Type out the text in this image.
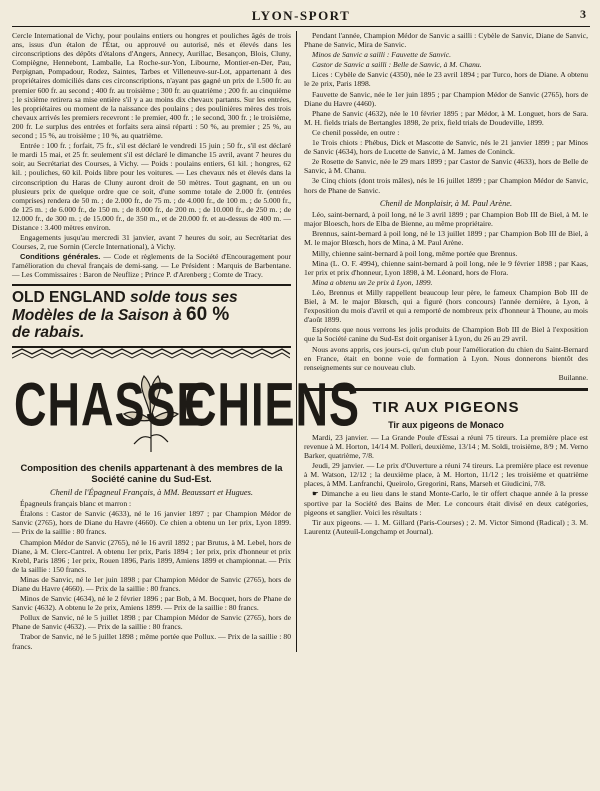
LYON-SPORT	3

Cercle International de Vichy, pour poulains entiers ou hongres et pouliches âgés de trois ans, issus d'un étalon de l'État, ou approuvé ou autorisé, nés et élevés dans les circonscriptions des dépôts d'étalons d'Angers, Annecy, Aurillac, Besançon, Blois, Cluny, Compiègne, Hennebont, Lamballe, La Roche-sur-Yon, Libourne, Montier-en-Der, Pau, Perpignan, Pompadour, Rodez, Saintes, Tarbes et Villeneuve-sur-Lot, appartenant à des propriétaires domiciliés dans ces circonscriptions, n'ayant pas gagné un prix de 1.500 fr. au premier 600 fr. au second ; 400 fr. au troisième ; 300 fr. au quatrième ; 200 fr. au cinquième ; le sixième retirera sa mise entière s'il y a au moins dix chevaux partants. Sur les entrées, les propriétaires ou moment de la naissance des poulains ; des poulinières mères des trois chevaux arrivés les premiers recevront : le premier, 400 fr. ; le second, 300 fr. ; le troisième, 200 fr. Le surplus des entrées et forfaits sera ainsi réparti : 50 %, au premier ; 25 %, au second ; 15 %, au troisième ; 10 %, au quatrième.

Entrée : 100 fr. ; forfait, 75 fr., s'il est déclaré le vendredi 15 juin ; 50 fr., s'il est déclaré le mardi 15 mai, et 25 fr. seulement s'il est déclaré le dimanche 15 avril, avant 7 heures du soir, au Secrétariat des Courses, à Vichy. — Poids : poulains entiers, 61 kil. ; hongres, 62 kil. ; pouliches, 60 kil. Poids libre pour les voitures. — Les chevaux nés et élevés dans la circonscription du Haras de Cluny auront droit de 50 mètres. Tout gagnant, en un ou plusieurs prix de quelque ordre que ce soit, d'une somme totale de 2.000 fr. (entrées comprises) rendera de 50 m. ; de 2.000 fr., de 75 m. ; de 4.000 fr., de 100 m. ; de 5.000 fr., de 125 m. ; de 6.000 fr., de 150 m. ; de 8.000 fr., de 200 m. ; de 10.000 fr., de 250 m. ; de 12.000 fr., de 300 m. ; de 15.000 fr., de 350 m., et de 20.000 fr. et au-dessus de 400 m. — Distance : 3.400 mètres environ.

Engagements jusqu'au mercredi 31 janvier, avant 7 heures du soir, au Secrétariat des Courses, 2, rue Sornin (Cercle International), à Vichy.

Conditions générales. — Code et règlements de la Société d'Encouragement pour l'amélioration du cheval français de demi-sang. — Le Président : Marquis de Barbentane. — Les Commissaires : Baron de Neuflize ; Prince P. d'Arenberg ; Comte de Tracy.

OLD ENGLAND solde tous ses
Modèles de la Saison à 60 %
de rabais.
CHASSE
CHIENS
Composition des chenils appartenant à des membres de la Société canine du Sud-Est.

Chenil de l'Épagneul Français, à MM. Beaussart et Hugues.

Épagneuls français blanc et marron :

Étalons : Castor de Sanvic (4633), né le 16 janvier 1897 ; par Champion Médor de Sanvic (2765), hors de Diane du Havre (4660). Ce chien a obtenu un 1er prix, Lyon 1899. — Prix de la saillie : 80 francs.

Champion Médor de Sanvic (2765), né le 16 avril 1892 ; par Brutus, à M. Lebel, hors de Diane, à M. Clerc-Cantrel. A obtenu 1er prix, Paris 1894 ; 1er prix, prix d'honneur et prix Krebl, Paris 1896 ; 1er prix, Rouen 1896, Paris 1899, Amiens 1899 et championnat. — Prix de la saillie : 150 francs.

Minas de Sanvic, né le 1er juin 1898 ; par Champion Médor de Sanvic (2765), hors de Diane du Havre (4660). — Prix de la saillie : 80 francs.

Minos de Sanvic (4634), né le 2 février 1896 ; par Bob, à M. Bocquet, hors de Phane de Sanvic (4632). A obtenu le 2e prix, Amiens 1899. — Prix de la saillie : 80 francs.

Pollux de Sanvic, né le 5 juillet 1898 ; par Champion Médor de Sanvic (2765), hors de Phane de Sanvic (4632). — Prix de la saillie : 80 francs.

Trabor de Sanvic, né le 5 juillet 1898 ; même portée que Pollux. — Prix de la saillie : 80 francs.

Pendant l'année, Champion Médor de Sanvic a sailli : Cybèle de Sanvic, Diane de Sanvic, Phane de Sanvic, Mira de Sanvic.

Minos de Sanvic a sailli : Fauvette de Sanvic.

Castor de Sanvic a sailli : Belle de Sanvic, à M. Chanu.

Lices : Cybèle de Sanvic (4350), née le 23 avril 1894 ; par Turco, hors de Diane. A obtenu le 2e prix, Paris 1898.

Fauvette de Sanvic, née le 1er juin 1895 ; par Champion Médor de Sanvic (2765), hors de Diane du Havre (4460).

Phane de Sanvic (4632), née le 10 février 1895 ; par Médor, à M. Longuet, hors de Sara. M. H. fields trials de Bertangles 1898, 2e prix, field trials de Doudeville, 1899.

Ce chenil possède, en outre :

1e Trois chiots : Phébus, Dick et Mascotte de Sanvic, nés le 21 janvier 1899 ; par Minos de Sanvic (4634), hors de Lucette de Sanvic, à M. James de Coninck.

2e Rosette de Sanvic, née le 29 mars 1899 ; par Castor de Sanvic (4633), hors de Belle de Sanvic, à M. Chanu.

3e Cinq chiots (dont trois mâles), nés le 16 juillet 1899 ; par Champion Médor de Sanvic, hors de Phane de Sanvic.

Chenil de Monplaisir, à M. Paul Arène.

Léo, saint-bernard, à poil long, né le 3 avril 1899 ; par Champion Bob III de Biel, à M. le major Bloesch, hors de Elba de Bienne, au même propriétaire.

Brennus, saint-bernard à poil long, né le 13 juillet 1899 ; par Champion Bob III de Biel, à M. le major Blœsch, hors de Mina, à M. Paul Arène.

Milly, chienne saint-bernard à poil long, même portée que Brennus.

Mina (L. O. F. 4994), chienne saint-bernard à poil long, née le 9 février 1898 ; par Kaas, 1er prix et prix d'honneur, Lyon 1898, à M. Léonard, hors de Flora.

Mina a obtenu un 2e prix à Lyon, 1899.

Léo, Brennus et Milly rappellent beaucoup leur père, le fameux Champion Bob III de Biel, à M. le major Blœsch, qui a figuré (hors concours) l'année dernière, à Lyon, à l'exposition du mois d'avril et qui a remporté de nombreux prix d'honneur à Thoune, au mois d'août 1899.

Espérons que nous verrons les jolis produits de Champion Bob III de Biel à l'exposition que la Société canine du Sud-Est doit organiser à Lyon, du 26 au 29 avril.

Nous avons appris, ces jours-ci, qu'un club pour l'amélioration du chien du Saint-Bernard en France, était en bonne voie de formation à Lyon. Nous donnerons bientôt des renseignements sur ce nouveau club.

Builanne.

TIR AUX PIGEONS
Tir aux pigeons de Monaco

Mardi, 23 janvier. — La Grande Poule d'Essai a réuni 75 tireurs. La première place est revenue à M. Horton, 14/14 M. Polleri, deuxième, 13/14 ; M. Soldi, troisième, 8/9 ; M. Verno Barker, quatrième, 7/8.

Jeudi, 29 janvier. — Le prix d'Ouverture a réuni 74 tireurs. La première place est revenue à M. Watson, 12/12 ; la deuxième place, à M. Horton, 11/12 ; les troisième et quatrième places, à MM. Lanfranchi, Queirolo, Gregorini, Rans, Marseh et Giudicini, 7/8.

☛ Dimanche a eu lieu dans le stand Monte-Carlo, le tir offert chaque année à la presse sportive par la Société des Bains de Mer. Le concours était divisé en deux catégories, pigeons et sanglier. Voici les résultats :

Tir aux pigeons. — 1. M. Gillard (Paris-Courses) ; 2. M. Victor Simond (Radical) ; 3. M. Laurentz (Auteuil-Longchamp et Journal).
